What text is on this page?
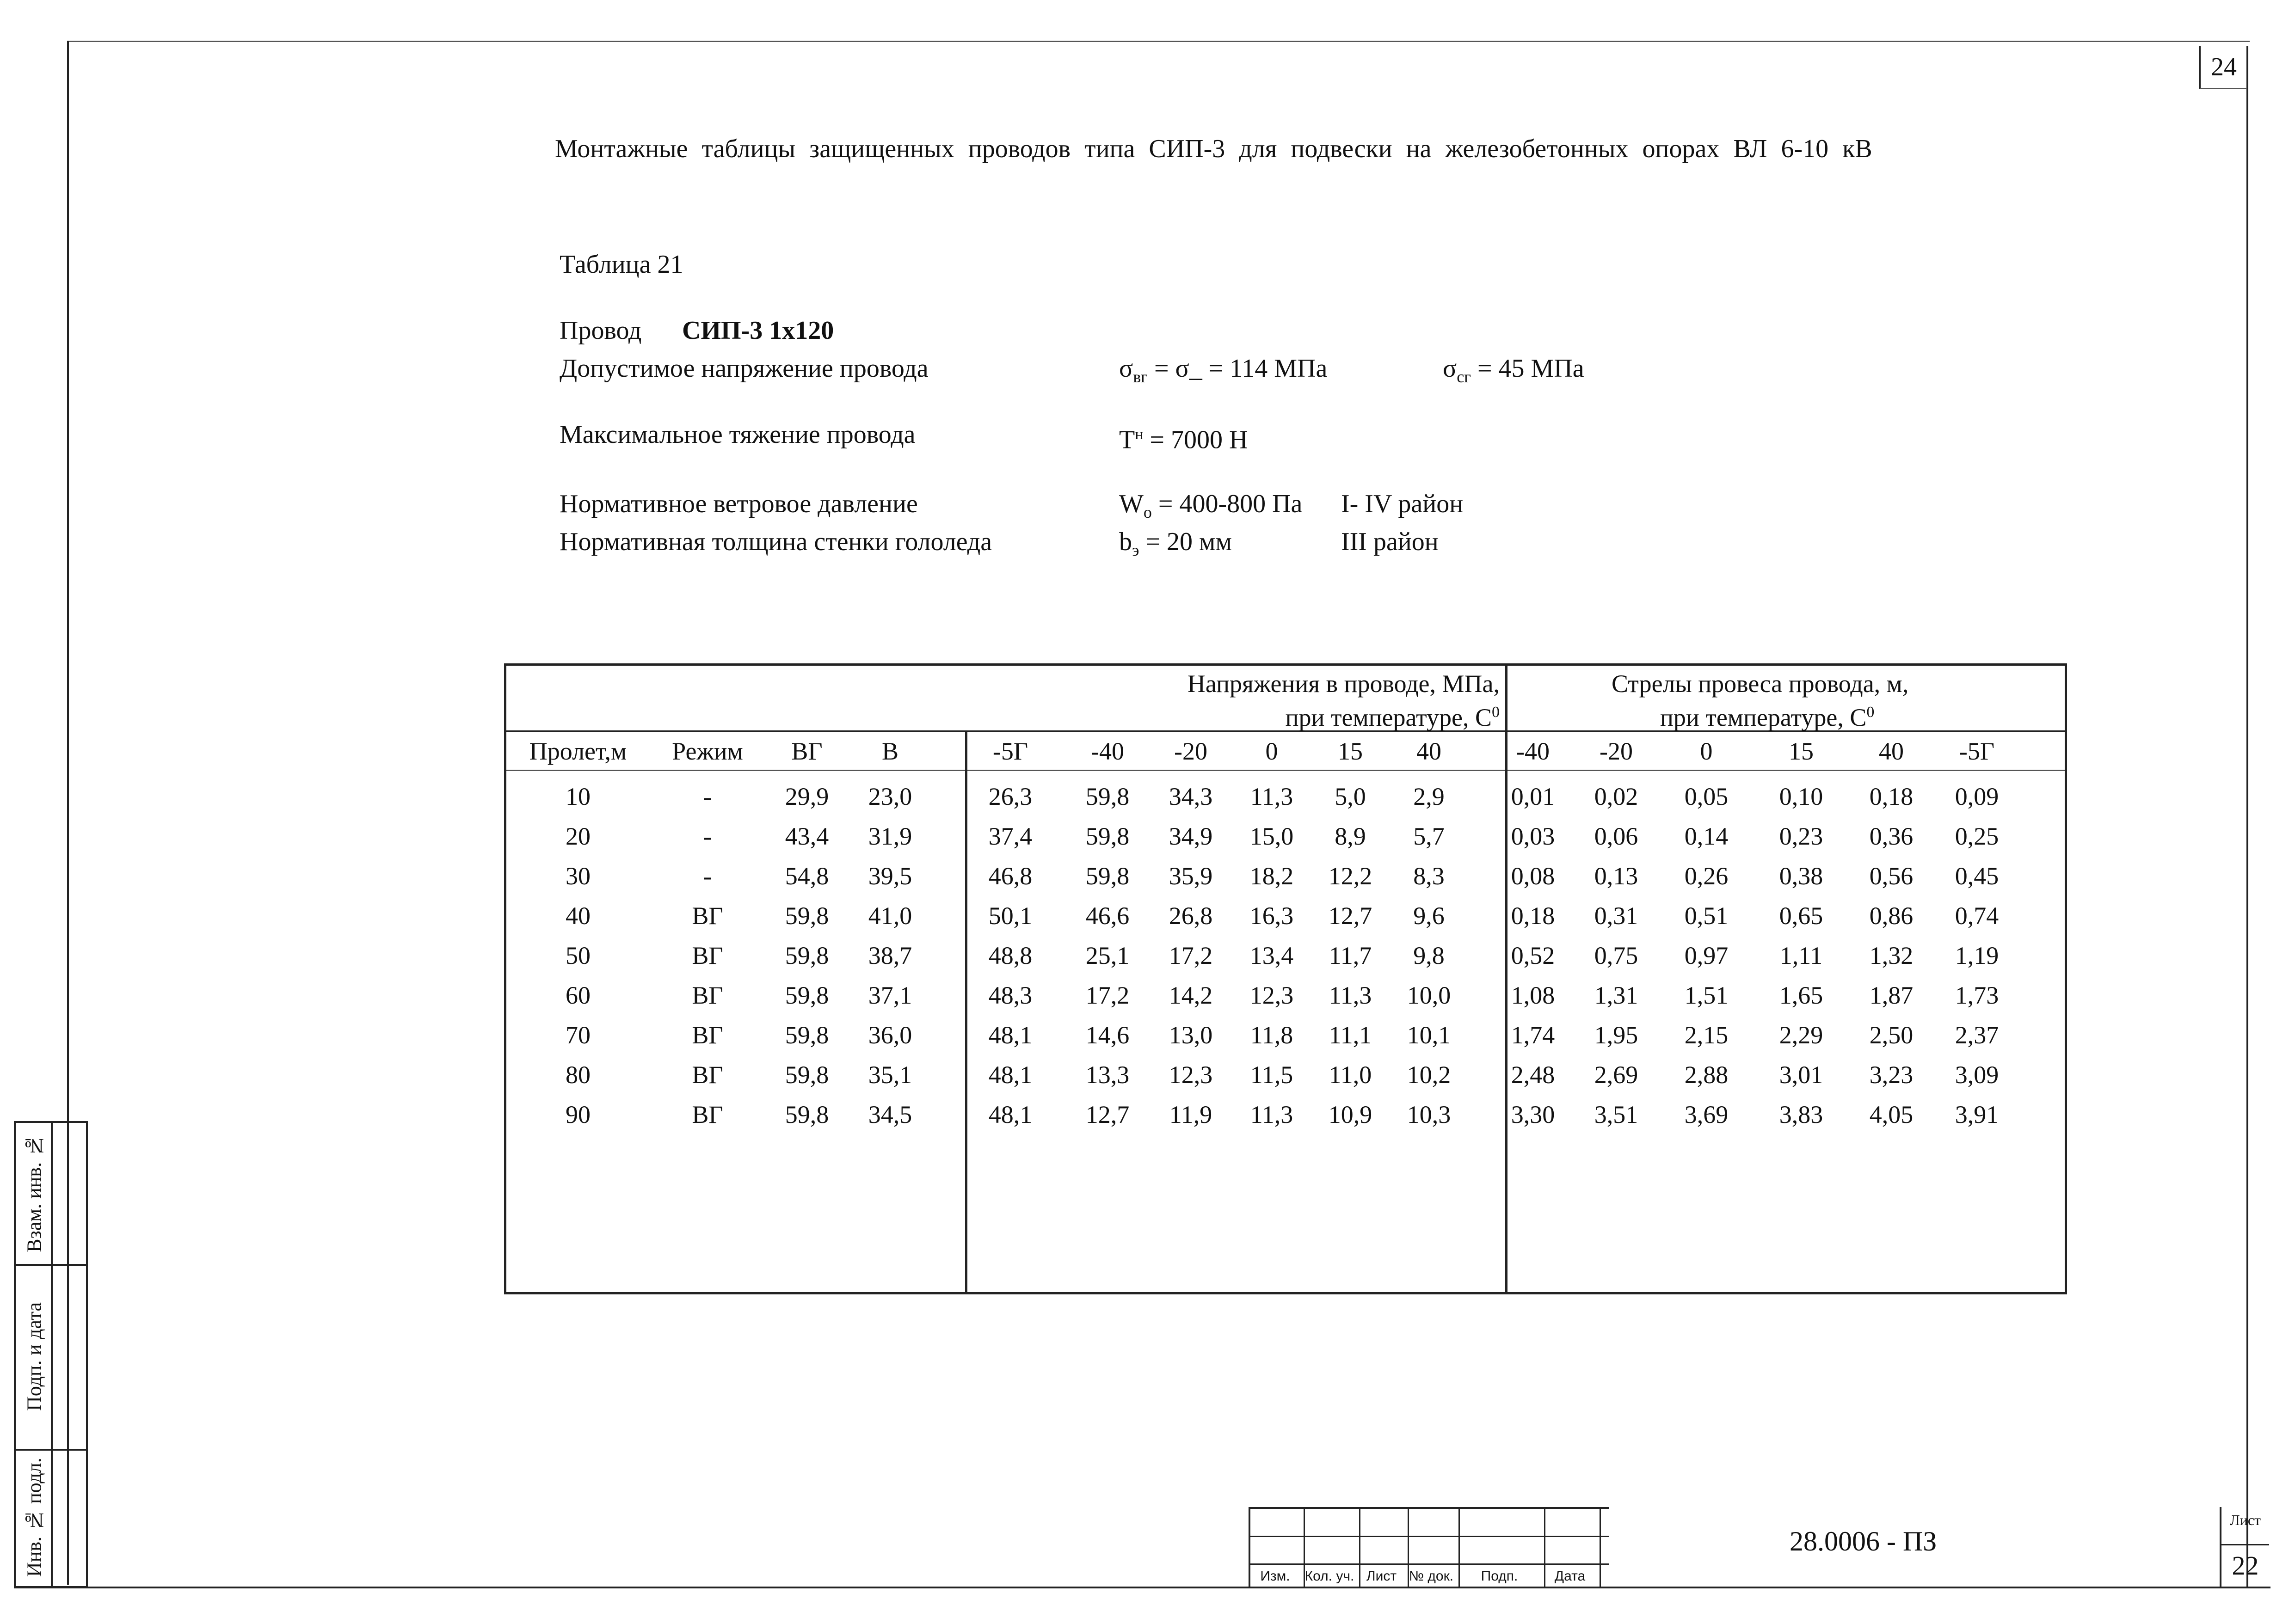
24
Монтажные таблицы защищенных проводов типа СИП-3 для подвески на железобетонных опорах ВЛ 6-10 кВ
Таблица 21
Провод СИП-3 1х120
Допустимое напряжение провода	$\sigma_{вг}$ = σ_ = 114 МПа	$\sigma_{сг} = 45$ МПа
Максимальное тяжение провода	$T^н = 7000$ Н
Нормативное ветровое давление	$W_o = 400-800$ Па I- IV район
Нормативная толщина стенки гололеда	$b_э = 20$ мм	III район
Напряжения в проводе, МПа,
при температуре, $С^0$
Стрелы провеса провода, м,
при температуре, $С^0$
Пролет,м	Режим	ВГ	В	-5Г	-40	-20	0	15	40	-40	-20	0	15	40	-5Г
10	-	29,9	23,0	26,3	59,8	34,3	11,3	5,0	2,9	0,01	0,02	0,05	0,10	0,18	0,09
20	-	43,4	31,9	37,4	59,8	34,9	15,0	8,9	5,7	0,03	0,06	0,14	0,23	0,36	0,25
30	-	54,8	39,5	46,8	59,8	35,9	18,2	12,2	8,3	0,08	0,13	0,26	0,38	0,56	0,45
40	ВГ	59,8	41,0	50,1	46,6	26,8	16,3	12,7	9,6	0,18	0,31	0,51	0,65	0,86	0,74
50	ВГ	59,8	38,7	48,8	25,1	17,2	13,4	11,7	9,8	0,52	0,75	0,97	1,11	1,32	1,19
60	ВГ	59,8	37,1	48,3	17,2	14,2	12,3	11,3	10,0	1,08	1,31	1,51	1,65	1,87	1,73
70	ВГ	59,8	36,0	48,1	14,6	13,0	11,8	11,1	10,1	1,74	1,95	2,15	2,29	2,50	2,37
80	ВГ	59,8	35,1	48,1	13,3	12,3	11,5	11,0	10,2	2,48	2,69	2,88	3,01	3,23	3,09
90	ВГ	59,8	34,5	48,1	12,7	11,9	11,3	10,9	10,3	3,30	3,51	3,69	3,83	4,05	3,91
Взам. инв. №
Подп. и дата
Инв. № подл.	Изм.	Кол. уч. Лист № док.	Подп.	Дата
28.0006 - ПЗ
Лист
22
